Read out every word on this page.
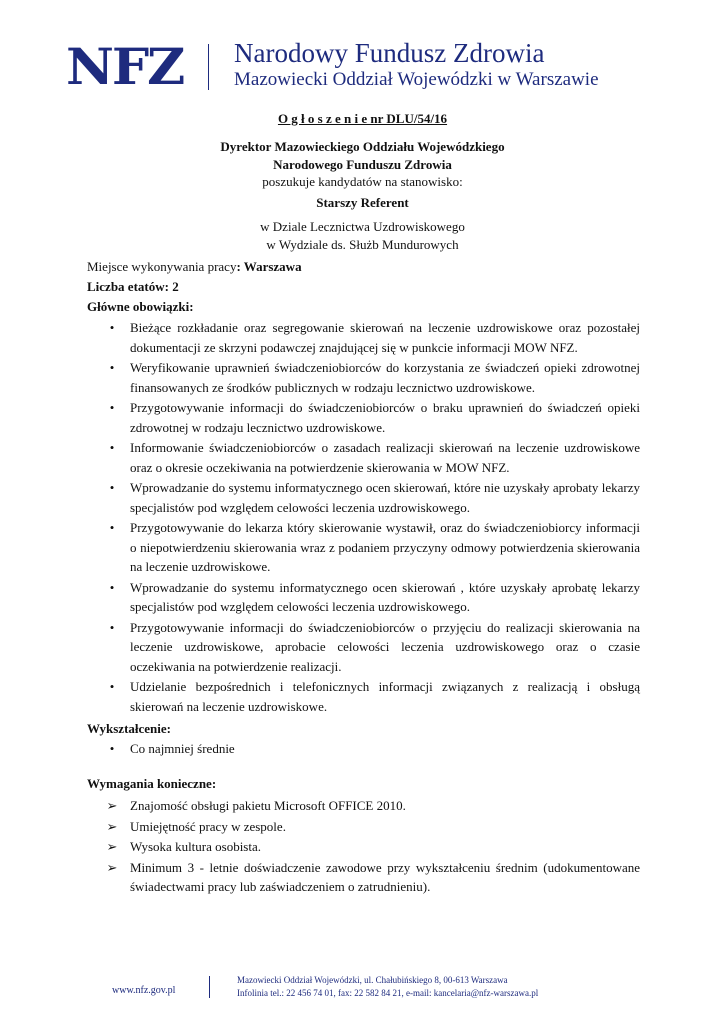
NFZ Narodowy Fundusz Zdrowia
Mazowiecki Oddział Wojewódzki w Warszawie
O g ł o s z e n i e nr DLU/54/16
Dyrektor Mazowieckiego Oddziału Wojewódzkiego
Narodowego Funduszu Zdrowia
poszukuje kandydatów na stanowisko:
Starszy Referent
w Dziale Lecznictwa Uzdrowiskowego
w Wydziale ds. Służb Mundurowych
Miejsce wykonywania pracy: Warszawa
Liczba etatów: 2
Główne obowiązki:
•	Bieżące rozkładanie oraz segregowanie skierowań na leczenie uzdrowiskowe oraz pozostałej dokumentacji ze skrzyni podawczej znajdującej się w punkcie informacji MOW NFZ.
•	Weryfikowanie uprawnień świadczeniobiorców do korzystania ze świadczeń opieki zdrowotnej finansowanych ze środków publicznych w rodzaju lecznictwo uzdrowiskowe.
•	Przygotowywanie informacji do świadczeniobiorców o braku uprawnień do świadczeń opieki zdrowotnej w rodzaju lecznictwo uzdrowiskowe.
•	Informowanie świadczeniobiorców o zasadach realizacji skierowań na leczenie uzdrowiskowe oraz o okresie oczekiwania na potwierdzenie skierowania w MOW NFZ.
•	Wprowadzanie do systemu informatycznego ocen skierowań, które nie uzyskały aprobaty lekarzy specjalistów pod względem celowości leczenia uzdrowiskowego.
•	Przygotowywanie do lekarza który skierowanie wystawił, oraz do świadczeniobiorcy informacji o niepotwierdzeniu skierowania wraz z podaniem przyczyny odmowy potwierdzenia skierowania na leczenie uzdrowiskowe.
•	Wprowadzanie do systemu informatycznego ocen skierowań , które uzyskały aprobatę lekarzy specjalistów pod względem celowości leczenia uzdrowiskowego.
•	Przygotowywanie informacji do świadczeniobiorców o przyjęciu do realizacji skierowania na leczenie uzdrowiskowe, aprobacie celowości leczenia uzdrowiskowego oraz o czasie oczekiwania na potwierdzenie realizacji.
•	Udzielanie bezpośrednich i telefonicznych informacji związanych z realizacją i obsługą skierowań na leczenie uzdrowiskowe.
Wykształcenie:
•	Co najmniej średnie
Wymagania konieczne:
➢ Znajomość obsługi pakietu Microsoft OFFICE 2010.
➢ Umiejętność pracy w zespole.
➢ Wysoka kultura osobista.
➢ Minimum 3 - letnie doświadczenie zawodowe przy wykształceniu średnim (udokumentowane świadectwami pracy lub zaświadczeniem o zatrudnieniu).
www.nfz.gov.pl
Mazowiecki Oddział Wojewódzki, ul. Chałubińskiego 8, 00-613 Warszawa
Infolinia tel.: 22 456 74 01, fax: 22 582 84 21, e-mail: kancelaria@nfz-warszawa.pl
